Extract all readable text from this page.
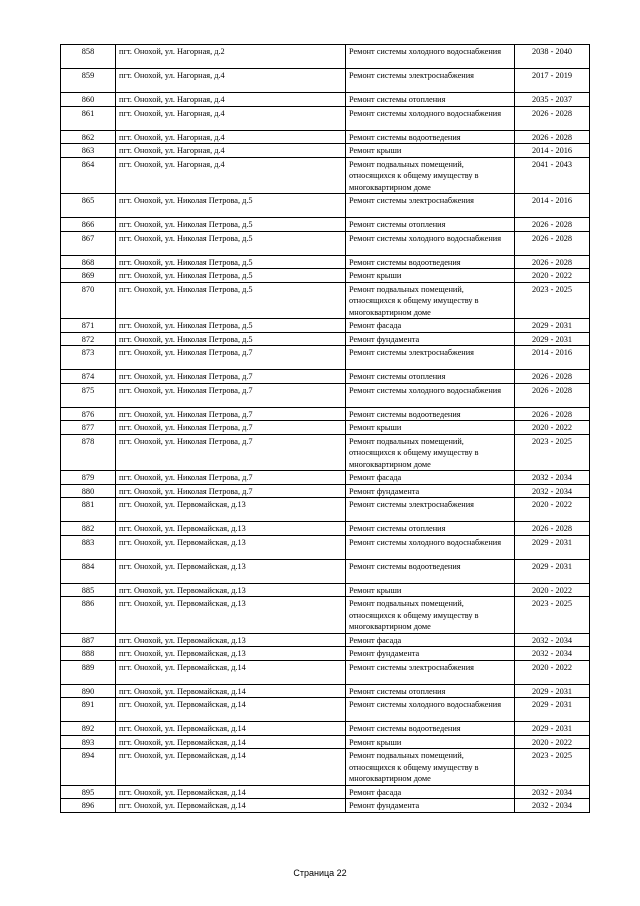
858	пгт. Онохой, ул. Нагорная, д.2	Ремонт системы холодного водоснабжения	2038 - 2040
859	пгт. Онохой, ул. Нагорная, д.4	Ремонт системы электроснабжения	2017 - 2019
860	пгт. Онохой, ул. Нагорная, д.4	Ремонт системы отопления	2035 - 2037
861	пгт. Онохой, ул. Нагорная, д.4	Ремонт системы холодного водоснабжения	2026 - 2028
862	пгт. Онохой, ул. Нагорная, д.4	Ремонт системы водоотведения	2026 - 2028
863	пгт. Онохой, ул. Нагорная, д.4	Ремонт крыши	2014 - 2016
864	пгт. Онохой, ул. Нагорная, д.4	Ремонт подвальных помещений, относящихся к общему имуществу в многоквартирном доме	2041 - 2043
865	пгт. Онохой, ул. Николая Петрова, д.5	Ремонт системы электроснабжения	2014 - 2016
866	пгт. Онохой, ул. Николая Петрова, д.5	Ремонт системы отопления	2026 - 2028
867	пгт. Онохой, ул. Николая Петрова, д.5	Ремонт системы холодного водоснабжения	2026 - 2028
868	пгт. Онохой, ул. Николая Петрова, д.5	Ремонт системы водоотведения	2026 - 2028
869	пгт. Онохой, ул. Николая Петрова, д.5	Ремонт крыши	2020 - 2022
870	пгт. Онохой, ул. Николая Петрова, д.5	Ремонт подвальных помещений, относящихся к общему имуществу в многоквартирном доме	2023 - 2025
871	пгт. Онохой, ул. Николая Петрова, д.5	Ремонт фасада	2029 - 2031
872	пгт. Онохой, ул. Николая Петрова, д.5	Ремонт фундамента	2029 - 2031
873	пгт. Онохой, ул. Николая Петрова, д.7	Ремонт системы электроснабжения	2014 - 2016
874	пгт. Онохой, ул. Николая Петрова, д.7	Ремонт системы отопления	2026 - 2028
875	пгт. Онохой, ул. Николая Петрова, д.7	Ремонт системы холодного водоснабжения	2026 - 2028
876	пгт. Онохой, ул. Николая Петрова, д.7	Ремонт системы водоотведения	2026 - 2028
877	пгт. Онохой, ул. Николая Петрова, д.7	Ремонт крыши	2020 - 2022
878	пгт. Онохой, ул. Николая Петрова, д.7	Ремонт подвальных помещений, относящихся к общему имуществу в многоквартирном доме	2023 - 2025
879	пгт. Онохой, ул. Николая Петрова, д.7	Ремонт фасада	2032 - 2034
880	пгт. Онохой, ул. Николая Петрова, д.7	Ремонт фундамента	2032 - 2034
881	пгт. Онохой, ул. Первомайская, д.13	Ремонт системы электроснабжения	2020 - 2022
882	пгт. Онохой, ул. Первомайская, д.13	Ремонт системы отопления	2026 - 2028
883	пгт. Онохой, ул. Первомайская, д.13	Ремонт системы холодного водоснабжения	2029 - 2031
884	пгт. Онохой, ул. Первомайская, д.13	Ремонт системы водоотведения	2029 - 2031
885	пгт. Онохой, ул. Первомайская, д.13	Ремонт крыши	2020 - 2022
886	пгт. Онохой, ул. Первомайская, д.13	Ремонт подвальных помещений, относящихся к общему имуществу в многоквартирном доме	2023 - 2025
887	пгт. Онохой, ул. Первомайская, д.13	Ремонт фасада	2032 - 2034
888	пгт. Онохой, ул. Первомайская, д.13	Ремонт фундамента	2032 - 2034
889	пгт. Онохой, ул. Первомайская, д.14	Ремонт системы электроснабжения	2020 - 2022
890	пгт. Онохой, ул. Первомайская, д.14	Ремонт системы отопления	2029 - 2031
891	пгт. Онохой, ул. Первомайская, д.14	Ремонт системы холодного водоснабжения	2029 - 2031
892	пгт. Онохой, ул. Первомайская, д.14	Ремонт системы водоотведения	2029 - 2031
893	пгт. Онохой, ул. Первомайская, д.14	Ремонт крыши	2020 - 2022
894	пгт. Онохой, ул. Первомайская, д.14	Ремонт подвальных помещений, относящихся к общему имуществу в многоквартирном доме	2023 - 2025
895	пгт. Онохой, ул. Первомайская, д.14	Ремонт фасада	2032 - 2034
896	пгт. Онохой, ул. Первомайская, д.14	Ремонт фундамента	2032 - 2034
Страница 22
